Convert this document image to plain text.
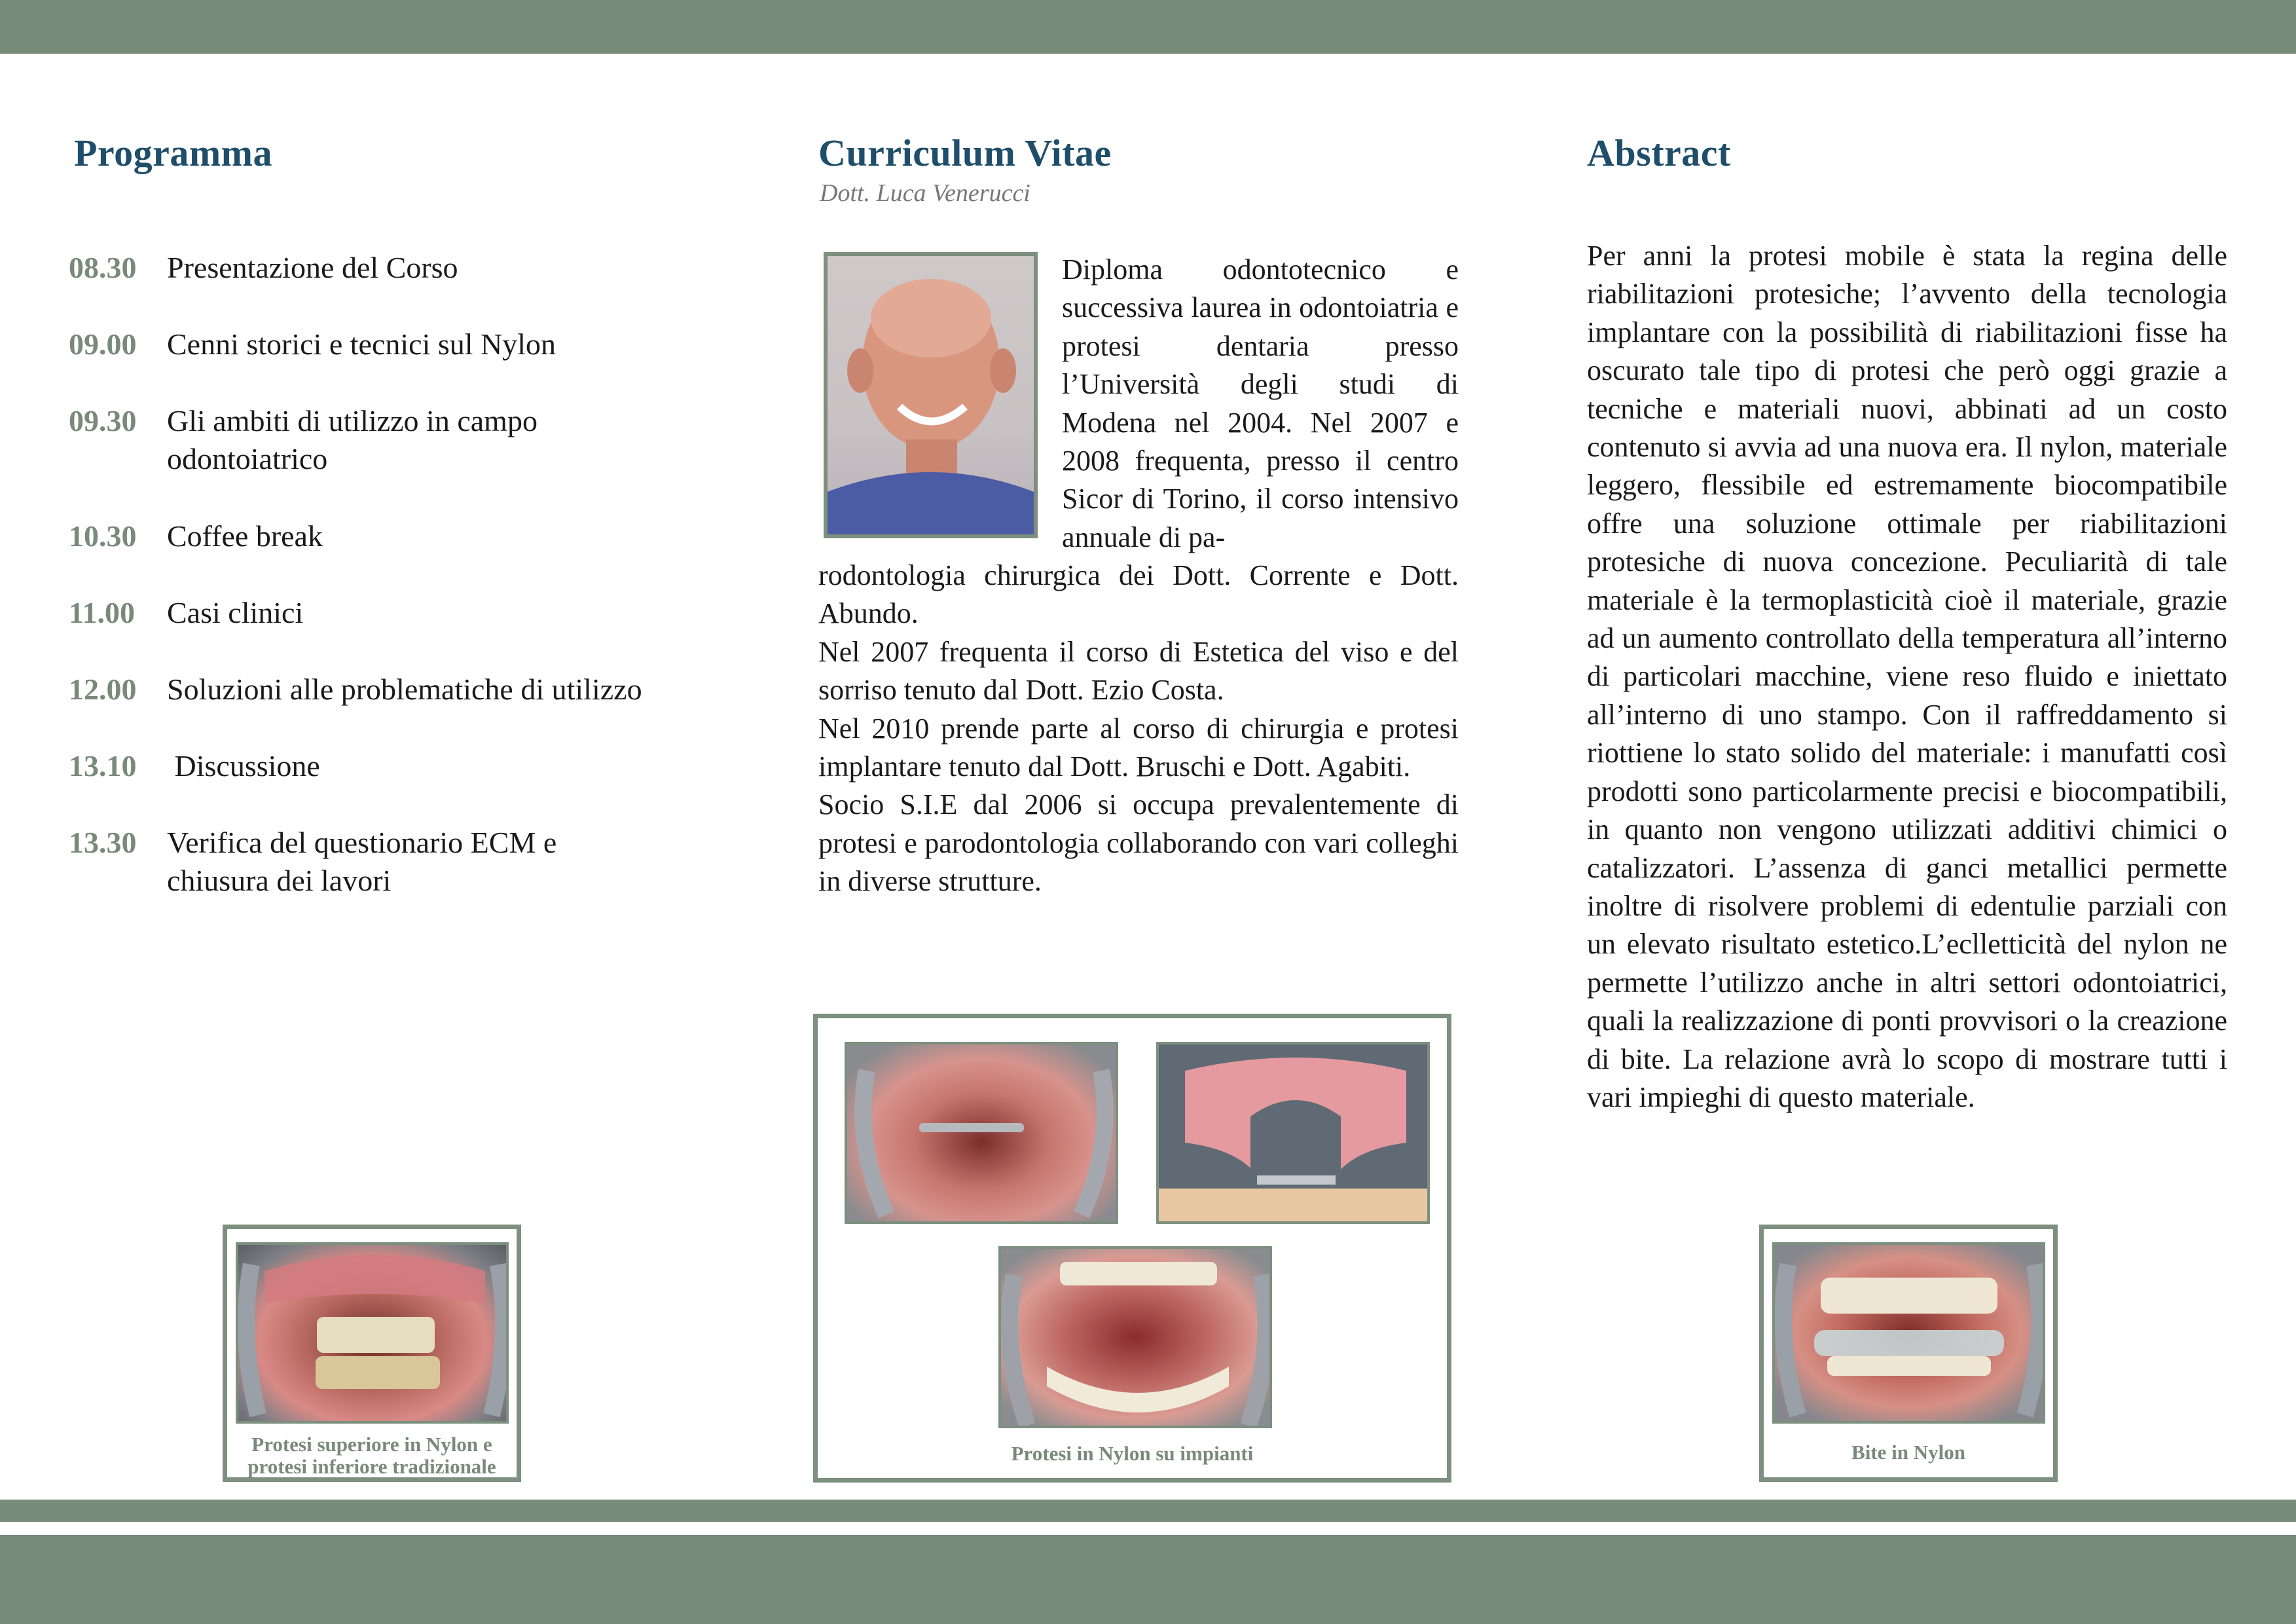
Programma
08.30	Presentazione del Corso
09.00	Cenni storici e tecnici sul Nylon
09.30	Gli ambiti di utilizzo in campo odontoiatrico
10.30	Coffee break
11.00	Casi clinici
12.00	Soluzioni alle problematiche di utilizzo
13.10	Discussione
13.30	Verifica del questionario ECM e chiusura dei lavori
Protesi superiore in Nylon e protesi inferiore tradizionale
Curriculum Vitae
Dott. Luca Venerucci

Diploma odontotecnico e successiva laurea in odontoiatria e protesi dentaria presso l’Università degli studi di Modena nel 2004. Nel 2007 e 2008 frequenta, presso il centro Sicor di Torino, il corso intensivo annuale di pa-

rodontologia chirurgica dei Dott. Corrente e Dott. Abundo.

Nel 2007 frequenta il corso di Estetica del viso e del sorriso tenuto dal Dott. Ezio Costa.

Nel 2010 prende parte al corso di chirurgia e protesi implantare tenuto dal Dott. Bruschi e Dott. Agabiti.

Socio S.I.E dal 2006 si occupa prevalentemente di protesi e parodontologia collaborando con vari colleghi in diverse strutture.

Protesi in Nylon su impianti
Abstract

Per anni la protesi mobile è stata la regina delle riabilitazioni protesiche; l’avvento della tecnologia implantare con la possibilità di riabilitazioni fisse ha oscurato tale tipo di protesi che però oggi grazie a tecniche e materiali nuovi, abbinati ad un costo contenuto si avvia ad una nuova era. Il nylon, materiale leggero, flessibile ed estremamente biocompatibile offre una soluzione ottimale per riabilitazioni protesiche di nuova concezione. Peculiarità di tale materiale è la termoplasticità cioè il materiale, grazie ad un aumento controllato della temperatura all’interno di particolari macchine, viene reso fluido e iniettato all’interno di uno stampo. Con il raffreddamento si riottiene lo stato solido del materiale: i manufatti così prodotti sono particolarmente precisi e biocompatibili, in quanto non vengono utilizzati additivi chimici o catalizzatori. L’assenza di ganci metallici permette inoltre di risolvere problemi di edentulie parziali con un elevato risultato estetico.L’eclletticità del nylon ne permette l’utilizzo anche in altri settori odontoiatrici, quali la realizzazione di ponti provvisori o la creazione di bite. La relazione avrà lo scopo di mostrare tutti i vari impieghi di questo materiale.

Bite in Nylon
